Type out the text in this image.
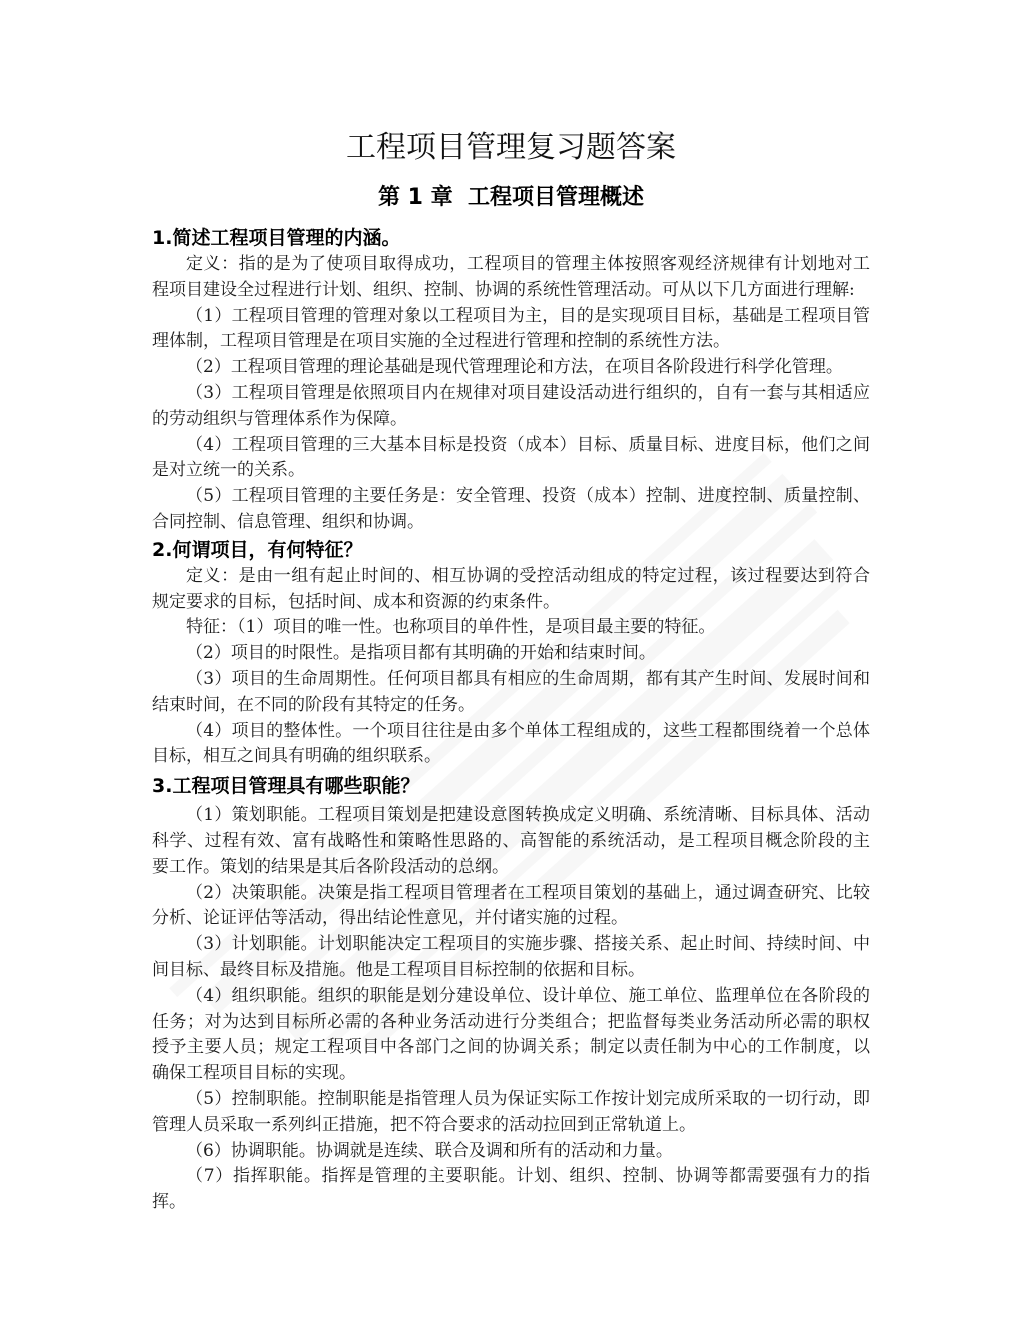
工程项目管理复习题答案
第 1 章  工程项目管理概述
1.简述工程项目管理的内涵。
定义：指的是为了使项目取得成功，工程项目的管理主体按照客观经济规律有计划地对工
程项目建设全过程进行计划、组织、控制、协调的系统性管理活动。可从以下几方面进行理解:
（1）工程项目管理的管理对象以工程项目为主，目的是实现项目目标，基础是工程项目管
理体制，工程项目管理是在项目实施的全过程进行管理和控制的系统性方法。
（2）工程项目管理的理论基础是现代管理理论和方法，在项目各阶段进行科学化管理。
（3）工程项目管理是依照项目内在规律对项目建设活动进行组织的，自有一套与其相适应
的劳动组织与管理体系作为保障。
（4）工程项目管理的三大基本目标是投资（成本）目标、质量目标、进度目标，他们之间
是对立统一的关系。
（5）工程项目管理的主要任务是：安全管理、投资（成本）控制、进度控制、质量控制、
合同控制、信息管理、组织和协调。
2.何谓项目，有何特征？
定义：是由一组有起止时间的、相互协调的受控活动组成的特定过程，该过程要达到符合
规定要求的目标，包括时间、成本和资源的约束条件。
特征：（1）项目的唯一性。也称项目的单件性，是项目最主要的特征。
（2）项目的时限性。是指项目都有其明确的开始和结束时间。
（3）项目的生命周期性。任何项目都具有相应的生命周期，都有其产生时间、发展时间和
结束时间，在不同的阶段有其特定的任务。
（4）项目的整体性。一个项目往往是由多个单体工程组成的，这些工程都围绕着一个总体
目标，相互之间具有明确的组织联系。
3.工程项目管理具有哪些职能？
（1）策划职能。工程项目策划是把建设意图转换成定义明确、系统清晰、目标具体、活动
科学、过程有效、富有战略性和策略性思路的、高智能的系统活动，是工程项目概念阶段的主
要工作。策划的结果是其后各阶段活动的总纲。
（2）决策职能。决策是指工程项目管理者在工程项目策划的基础上，通过调查研究、比较
分析、论证评估等活动，得出结论性意见，并付诸实施的过程。
（3）计划职能。计划职能决定工程项目的实施步骤、搭接关系、起止时间、持续时间、中
间目标、最终目标及措施。他是工程项目目标控制的依据和目标。
（4）组织职能。组织的职能是划分建设单位、设计单位、施工单位、监理单位在各阶段的
任务；对为达到目标所必需的各种业务活动进行分类组合；把监督每类业务活动所必需的职权
授予主要人员；规定工程项目中各部门之间的协调关系；制定以责任制为中心的工作制度，以
确保工程项目目标的实现。
（5）控制职能。控制职能是指管理人员为保证实际工作按计划完成所采取的一切行动，即
管理人员采取一系列纠正措施，把不符合要求的活动拉回到正常轨道上。
（6）协调职能。协调就是连续、联合及调和所有的活动和力量。
（7）指挥职能。指挥是管理的主要职能。计划、组织、控制、协调等都需要强有力的指挥。
